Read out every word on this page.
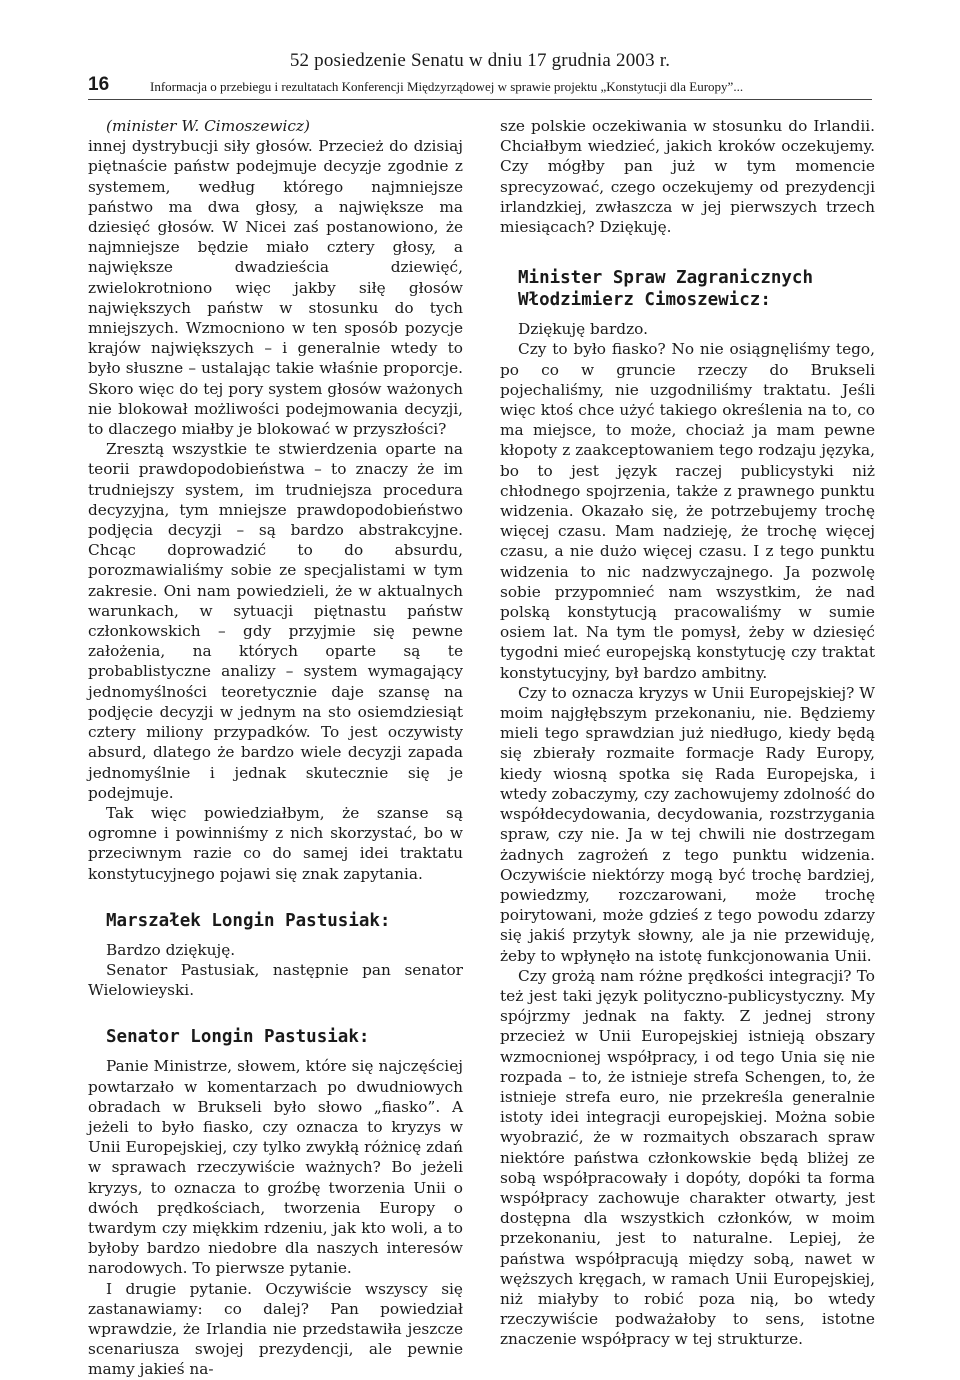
52 posiedzenie Senatu w dniu 17 grudnia 2003 r.
16	Informacja o przebiegu i rezultatach Konferencji Międzyrządowej w sprawie projektu „Konstytucji dla Europy”...

(minister W. Cimoszewicz)

innej dystrybucji siły głosów. Przecież do dzisiaj piętnaście państw podejmuje decyzje zgodnie z systemem, według którego najmniejsze państwo ma dwa głosy, a największe ma dziesięć głosów. W Nicei zaś postanowiono, że najmniejsze będzie miało cztery głosy, a największe dwadzieścia dziewięć, zwielokrotniono więc jakby siłę głosów największych państw w stosunku do tych mniejszych. Wzmocniono w ten sposób pozycje krajów największych – i generalnie wtedy to było słuszne – ustalając takie właśnie proporcje. Skoro więc do tej pory system głosów ważonych nie blokował możliwości podejmowania decyzji, to dlaczego miałby je blokować w przyszłości?

Zresztą wszystkie te stwierdzenia oparte na teorii prawdopodobieństwa – to znaczy że im trudniejszy system, im trudniejsza procedura decyzyjna, tym mniejsze prawdopodobieństwo podjęcia decyzji – są bardzo abstrakcyjne. Chcąc doprowadzić to do absurdu, porozmawialiśmy sobie ze specjalistami w tym zakresie. Oni nam powiedzieli, że w aktualnych warunkach, w sytuacji piętnastu państw członkowskich – gdy przyjmie się pewne założenia, na których oparte są te probablistyczne analizy – system wymagający jednomyślności teoretycznie daje szansę na podjęcie decyzji w jednym na sto osiemdziesiąt cztery miliony przypadków. To jest oczywisty absurd, dlatego że bardzo wiele decyzji zapada jednomyślnie i jednak skutecznie się je podejmuje.

Tak więc powiedziałbym, że szanse są ogromne i powinniśmy z nich skorzystać, bo w przeciwnym razie co do samej idei traktatu konstytucyjnego pojawi się znak zapytania.

Marszałek Longin Pastusiak:

Bardzo dziękuję.

Senator Pastusiak, następnie pan senator Wielowieyski.

Senator Longin Pastusiak:

Panie Ministrze, słowem, które się najczęściej powtarzało w komentarzach po dwudniowych obradach w Brukseli było słowo „fiasko”. A jeżeli to było fiasko, czy oznacza to kryzys w Unii Europejskiej, czy tylko zwykłą różnicę zdań w sprawach rzeczywiście ważnych? Bo jeżeli kryzys, to oznacza to groźbę tworzenia Unii o dwóch prędkościach, tworzenia Europy o twardym czy miękkim rdzeniu, jak kto woli, a to byłoby bardzo niedobre dla naszych interesów narodowych. To pierwsze pytanie.

I drugie pytanie. Oczywiście wszyscy się zastanawiamy: co dalej? Pan powiedział wprawdzie, że Irlandia nie przedstawiła jeszcze scenariusza swojej prezydencji, ale pewnie mamy jakieś na-

sze polskie oczekiwania w stosunku do Irlandii. Chciałbym wiedzieć, jakich kroków oczekujemy. Czy mógłby pan już w tym momencie sprecyzować, czego oczekujemy od prezydencji irlandzkiej, zwłaszcza w jej pierwszych trzech miesiącach? Dziękuję.

Minister Spraw Zagranicznych
Włodzimierz Cimoszewicz:

Dziękuję bardzo.

Czy to było fiasko? No nie osiągnęliśmy tego, po co w gruncie rzeczy do Brukseli pojechaliśmy, nie uzgodniliśmy traktatu. Jeśli więc ktoś chce użyć takiego określenia na to, co ma miejsce, to może, chociaż ja mam pewne kłopoty z zaakceptowaniem tego rodzaju języka, bo to jest język raczej publicystyki niż chłodnego spojrzenia, także z prawnego punktu widzenia. Okazało się, że potrzebujemy trochę więcej czasu. Mam nadzieję, że trochę więcej czasu, a nie dużo więcej czasu. I z tego punktu widzenia to nic nadzwyczajnego. Ja pozwolę sobie przypomnieć nam wszystkim, że nad polską konstytucją pracowaliśmy w sumie osiem lat. Na tym tle pomysł, żeby w dziesięć tygodni mieć europejską konstytucję czy traktat konstytucyjny, był bardzo ambitny.

Czy to oznacza kryzys w Unii Europejskiej? W moim najgłębszym przekonaniu, nie. Będziemy mieli tego sprawdzian już niedługo, kiedy będą się zbierały rozmaite formacje Rady Europy, kiedy wiosną spotka się Rada Europejska, i wtedy zobaczymy, czy zachowujemy zdolność do współdecydowania, decydowania, rozstrzygania spraw, czy nie. Ja w tej chwili nie dostrzegam żadnych zagrożeń z tego punktu widzenia. Oczywiście niektórzy mogą być trochę bardziej, powiedzmy, rozczarowani, może trochę poirytowani, może gdzieś z tego powodu zdarzy się jakiś przytyk słowny, ale ja nie przewiduję, żeby to wpłynęło na istotę funkcjonowania Unii.

Czy grożą nam różne prędkości integracji? To też jest taki język polityczno-publicystyczny. My spójrzmy jednak na fakty. Z jednej strony przecież w Unii Europejskiej istnieją obszary wzmocnionej współpracy, i od tego Unia się nie rozpada – to, że istnieje strefa Schengen, to, że istnieje strefa euro, nie przekreśla generalnie istoty idei integracji europejskiej. Można sobie wyobrazić, że w rozmaitych obszarach spraw niektóre państwa członkowskie będą bliżej ze sobą współpracowały i dopóty, dopóki ta forma współpracy zachowuje charakter otwarty, jest dostępna dla wszystkich członków, w moim przekonaniu, jest to naturalne. Lepiej, że państwa współpracują między sobą, nawet w węższych kręgach, w ramach Unii Europejskiej, niż miałyby to robić poza nią, bo wtedy rzeczywiście podważałoby to sens, istotne znaczenie współpracy w tej strukturze.
